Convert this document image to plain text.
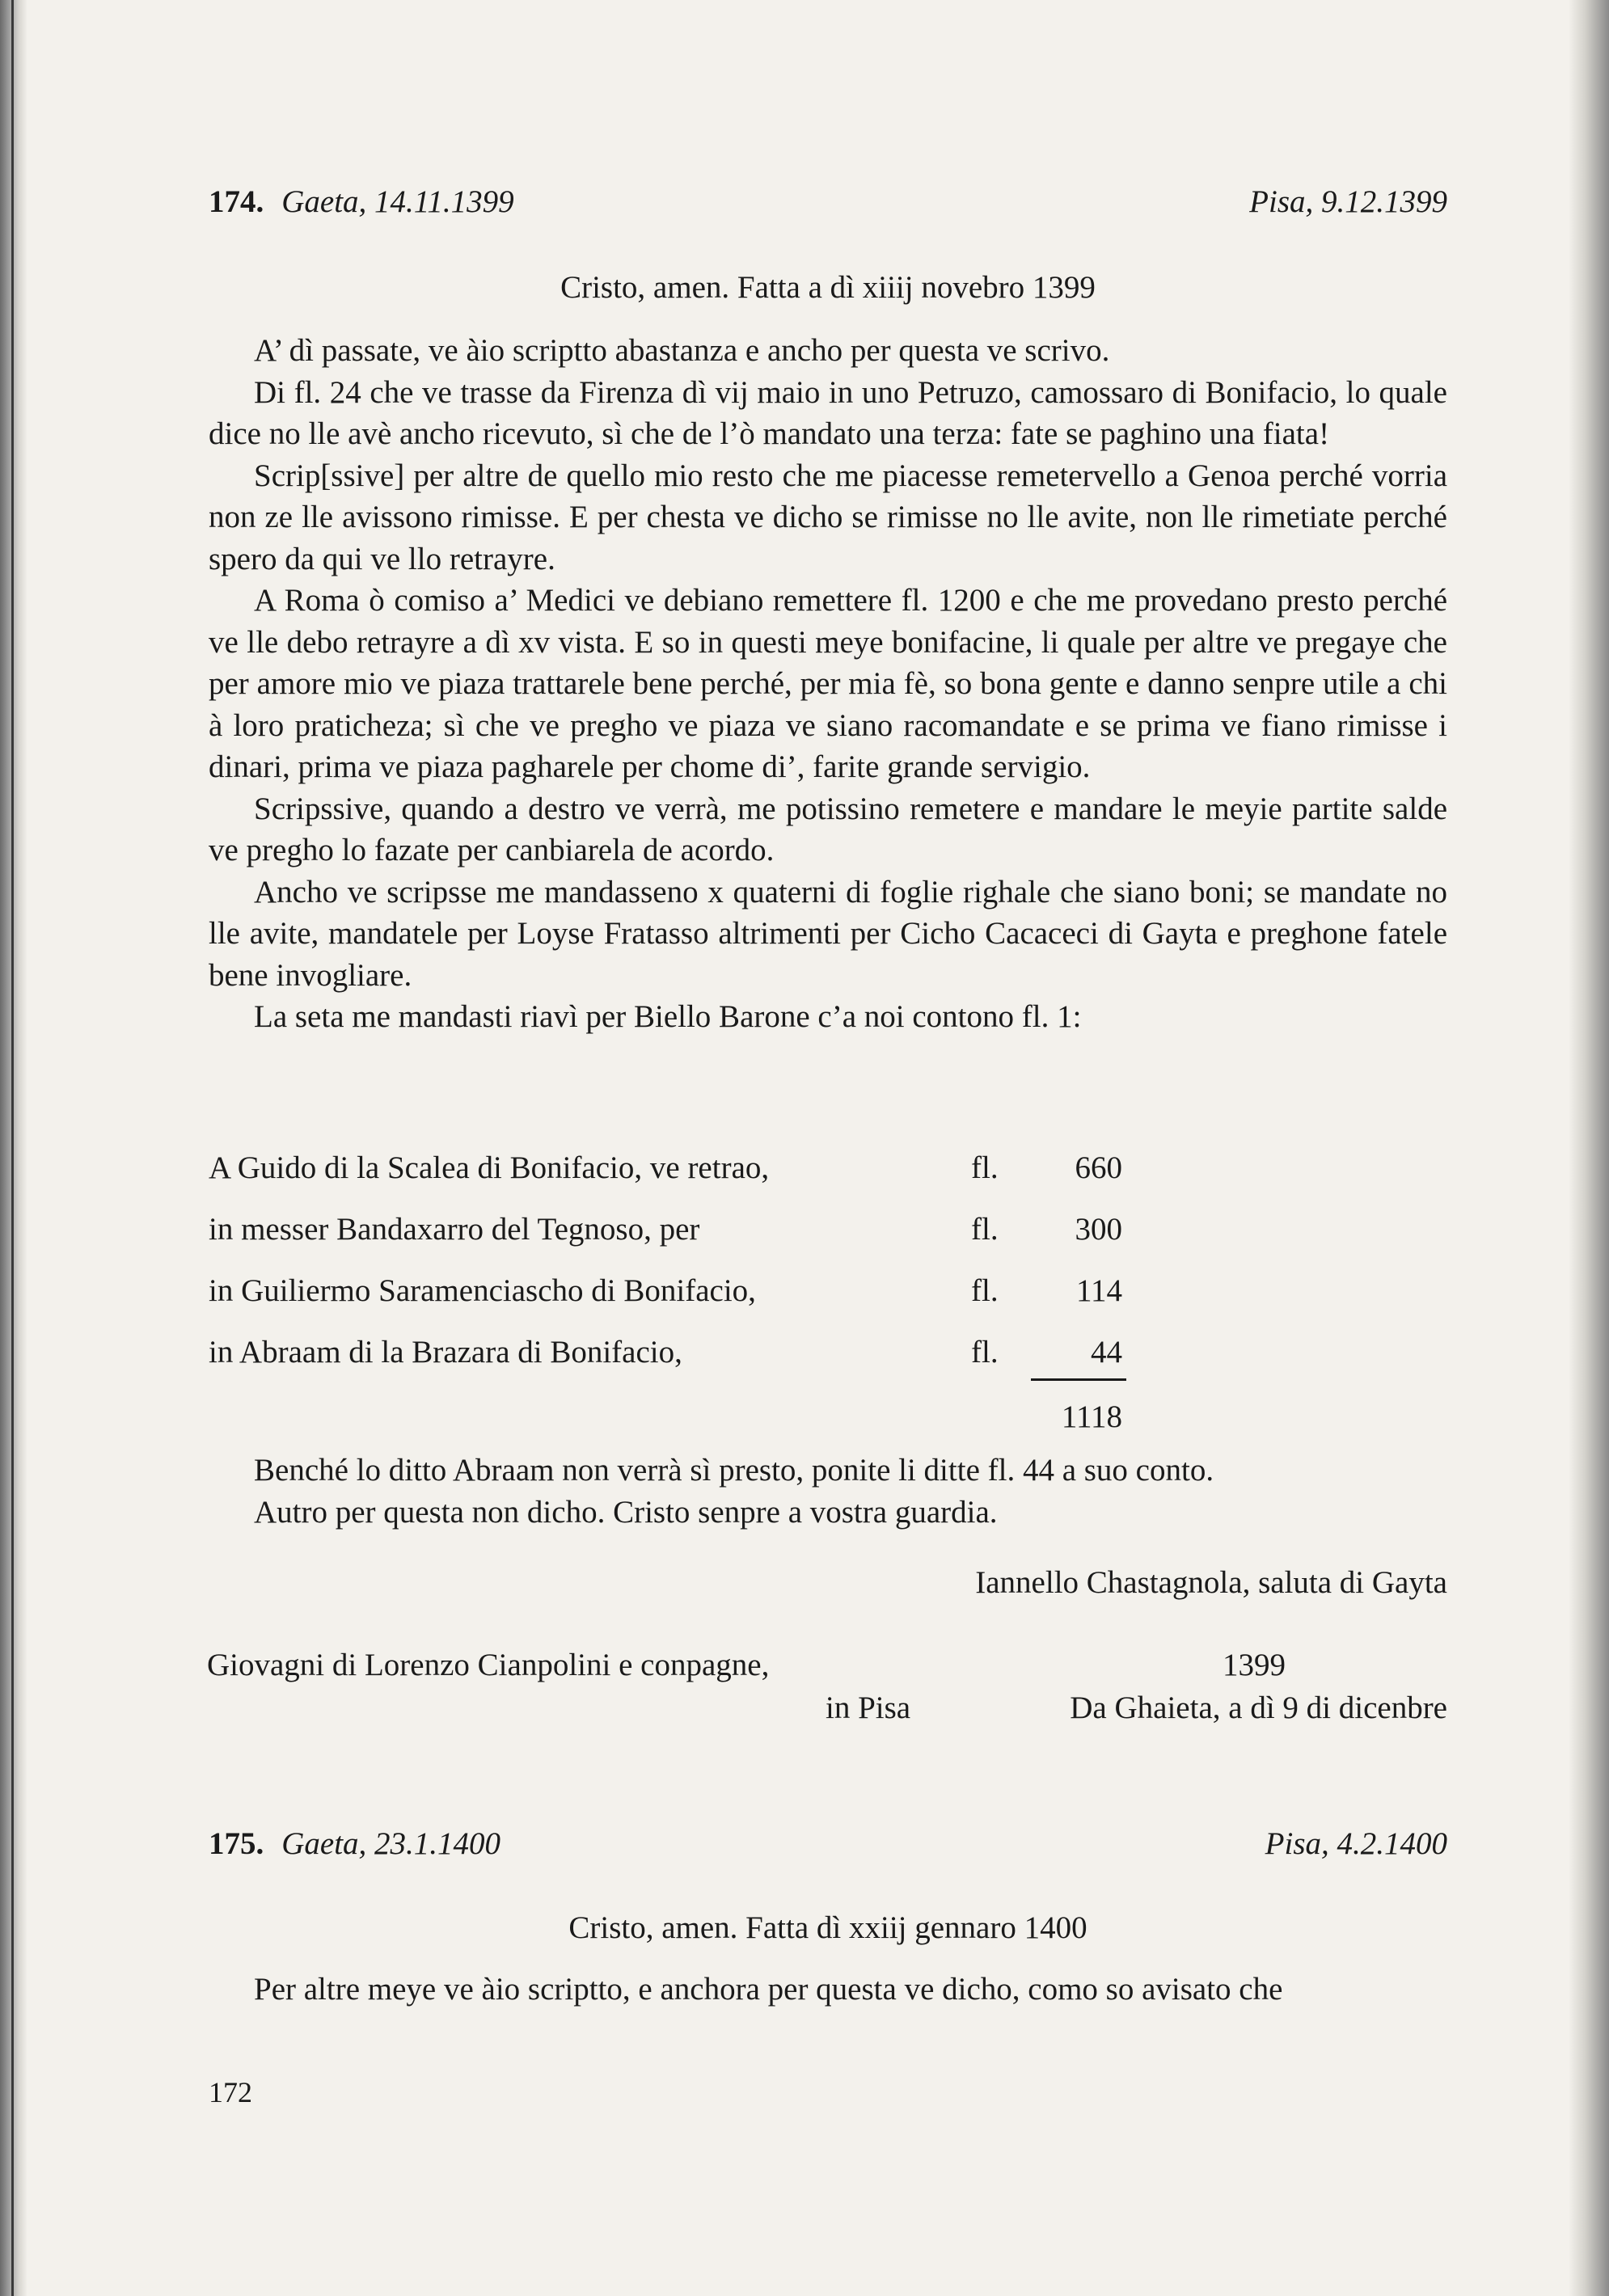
174. Gaeta, 14.11.1399	Pisa, 9.12.1399
Cristo, amen. Fatta a dì xiiij novebro 1399

A’ dì passate, ve àio scriptto abastanza e ancho per questa ve scrivo.

Di fl. 24 che ve trasse da Firenza dì vij maio in uno Petruzo, camossaro di Bonifacio, lo quale dice no lle avè ancho ricevuto, sì che de l’ò mandato una terza: fate se paghino una fiata!

Scrip[ssive] per altre de quello mio resto che me piacesse remetervello a Genoa perché vorria non ze lle avissono rimisse. E per chesta ve dicho se rimisse no lle avite, non lle rimetiate perché spero da qui ve llo retrayre.

A Roma ò comiso a’ Medici ve debiano remettere fl. 1200 e che me provedano presto perché ve lle debo retrayre a dì xv vista. E so in questi meye bonifacine, li quale per altre ve pregaye che per amore mio ve piaza trattarele bene perché, per mia fè, so bona gente e danno senpre utile a chi à loro praticheza; sì che ve pregho ve piaza ve siano racomandate e se prima ve fiano rimisse i dinari, prima ve piaza pagharele per chome di’, farite grande servigio.

Scripssive, quando a destro ve verrà, me potissino remetere e mandare le meyie partite salde ve pregho lo fazate per canbiarela de acordo.

Ancho ve scripsse me mandasseno x quaterni di foglie righale che siano boni; se mandate no lle avite, mandatele per Loyse Fratasso altrimenti per Cicho Cacaceci di Gayta e preghone fatele bene invogliare.

La seta me mandasti riavì per Biello Barone c’a noi contono fl. 1:

A Guido di la Scalea di Bonifacio, ve retrao,	fl.	660
in messer Bandaxarro del Tegnoso, per	fl.	300
in Guiliermo Saramenciascho di Bonifacio,	fl.	114
in Abraam di la Brazara di Bonifacio,	fl.	44
1118

Benché lo ditto Abraam non verrà sì presto, ponite li ditte fl. 44 a suo conto.

Autro per questa non dicho. Cristo senpre a vostra guardia.

Iannello Chastagnola, saluta di Gayta
Giovagni di Lorenzo Cianpolini e conpagne,	1399
in Pisa	Da Ghaieta, a dì 9 di dicenbre
175. Gaeta, 23.1.1400	Pisa, 4.2.1400
Cristo, amen. Fatta dì xxiij gennaro 1400
Per altre meye ve àio scriptto, e anchora per questa ve dicho, como so avisato che
172
